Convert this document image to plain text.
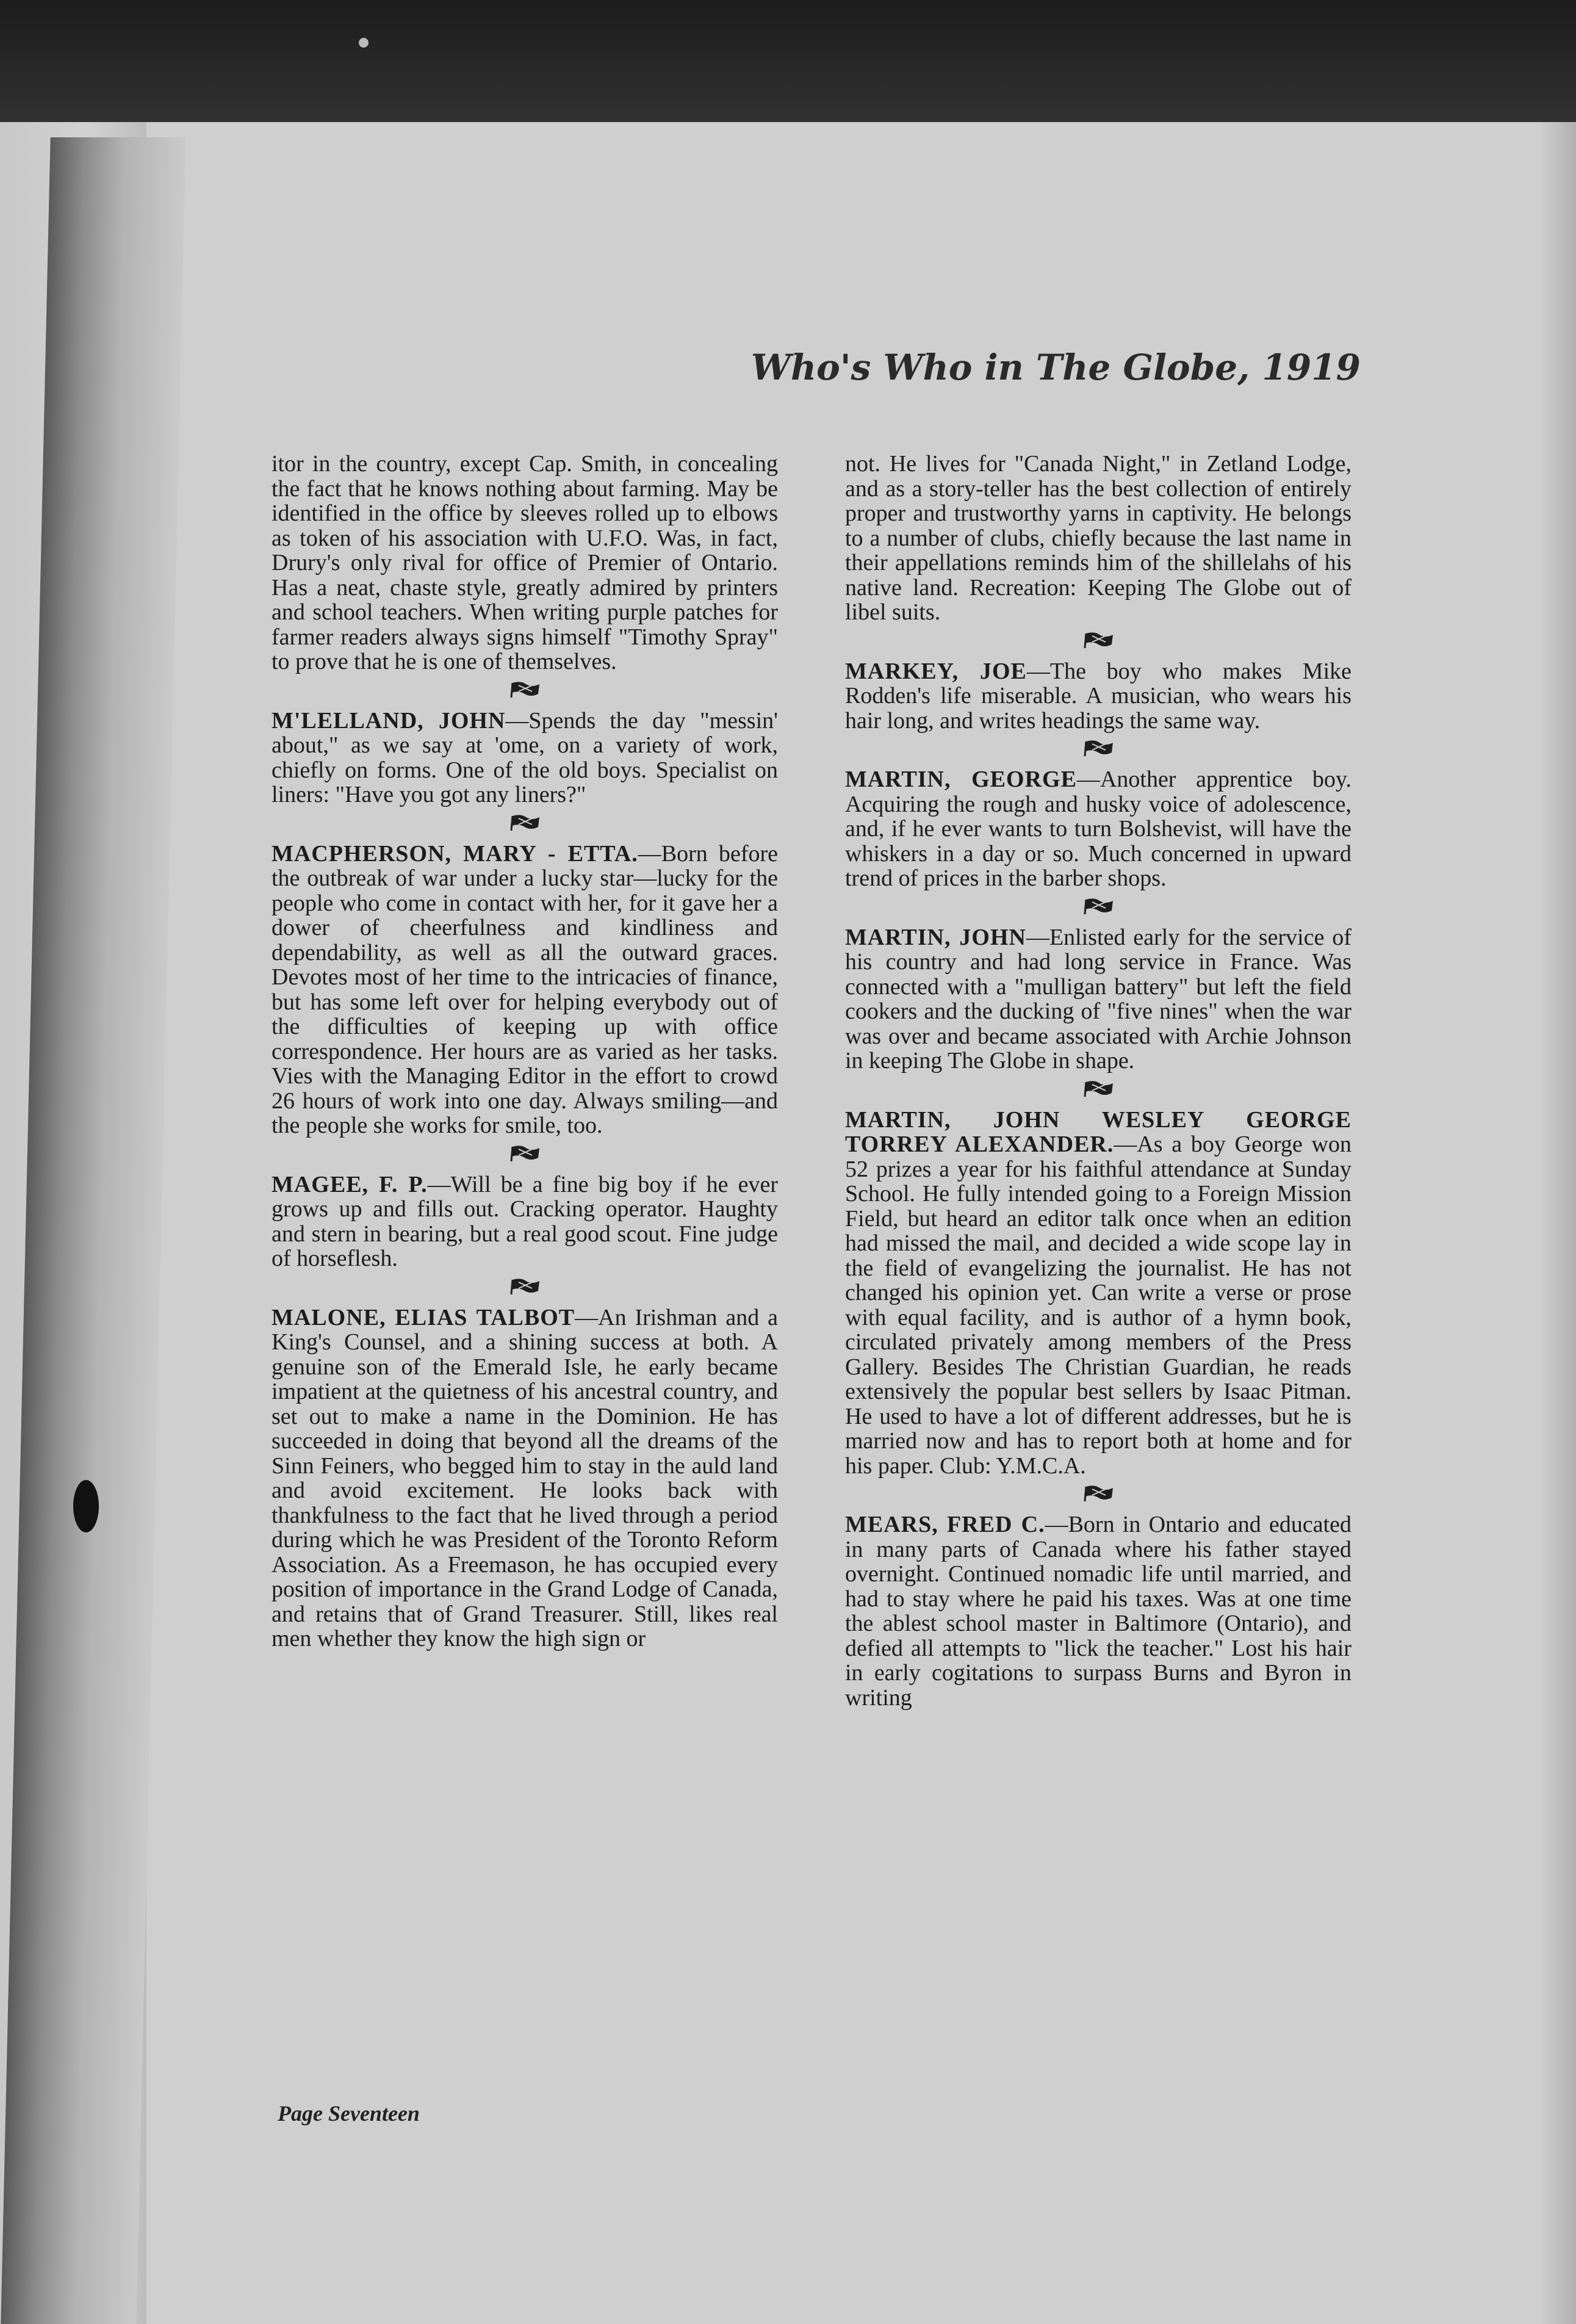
Who's Who in The Globe, 1919

itor in the country, except Cap. Smith, in concealing the fact that he knows nothing about farming. May be identified in the office by sleeves rolled up to elbows as token of his association with U.F.O. Was, in fact, Drury's only rival for office of Premier of Ontario. Has a neat, chaste style, greatly admired by printers and school teachers. When writing purple patches for farmer readers always signs himself "Timothy Spray" to prove that he is one of themselves.

M'LELLAND, JOHN—Spends the day "messin' about," as we say at 'ome, on a variety of work, chiefly on forms. One of the old boys. Specialist on liners: "Have you got any liners?"

MACPHERSON, MARY - ETTA.—Born before the outbreak of war under a lucky star—lucky for the people who come in contact with her, for it gave her a dower of cheerfulness and kindliness and dependability, as well as all the outward graces. Devotes most of her time to the intricacies of finance, but has some left over for helping everybody out of the difficulties of keeping up with office correspondence. Her hours are as varied as her tasks. Vies with the Managing Editor in the effort to crowd 26 hours of work into one day. Always smiling—and the people she works for smile, too.

MAGEE, F. P.—Will be a fine big boy if he ever grows up and fills out. Cracking operator. Haughty and stern in bearing, but a real good scout. Fine judge of horseflesh.

MALONE, ELIAS TALBOT—An Irishman and a King's Counsel, and a shining success at both. A genuine son of the Emerald Isle, he early became impatient at the quietness of his ancestral country, and set out to make a name in the Dominion. He has succeeded in doing that beyond all the dreams of the Sinn Feiners, who begged him to stay in the auld land and avoid excitement. He looks back with thankfulness to the fact that he lived through a period during which he was President of the Toronto Reform Association. As a Freemason, he has occupied every position of importance in the Grand Lodge of Canada, and retains that of Grand Treasurer. Still, likes real men whether they know the high sign or

not. He lives for "Canada Night," in Zetland Lodge, and as a story-teller has the best collection of entirely proper and trustworthy yarns in captivity. He belongs to a number of clubs, chiefly because the last name in their appellations reminds him of the shillelahs of his native land. Recreation: Keeping The Globe out of libel suits.

MARKEY, JOE—The boy who makes Mike Rodden's life miserable. A musician, who wears his hair long, and writes headings the same way.

MARTIN, GEORGE—Another apprentice boy. Acquiring the rough and husky voice of adolescence, and, if he ever wants to turn Bolshevist, will have the whiskers in a day or so. Much concerned in upward trend of prices in the barber shops.

MARTIN, JOHN—Enlisted early for the service of his country and had long service in France. Was connected with a "mulligan battery" but left the field cookers and the ducking of "five nines" when the war was over and became associated with Archie Johnson in keeping The Globe in shape.

MARTIN, JOHN WESLEY GEORGE TORREY ALEXANDER.—As a boy George won 52 prizes a year for his faithful attendance at Sunday School. He fully intended going to a Foreign Mission Field, but heard an editor talk once when an edition had missed the mail, and decided a wide scope lay in the field of evangelizing the journalist. He has not changed his opinion yet. Can write a verse or prose with equal facility, and is author of a hymn book, circulated privately among members of the Press Gallery. Besides The Christian Guardian, he reads extensively the popular best sellers by Isaac Pitman. He used to have a lot of different addresses, but he is married now and has to report both at home and for his paper. Club: Y.M.C.A.

MEARS, FRED C.—Born in Ontario and educated in many parts of Canada where his father stayed overnight. Continued nomadic life until married, and had to stay where he paid his taxes. Was at one time the ablest school master in Baltimore (Ontario), and defied all attempts to "lick the teacher." Lost his hair in early cogitations to surpass Burns and Byron in writing

Page Seventeen
